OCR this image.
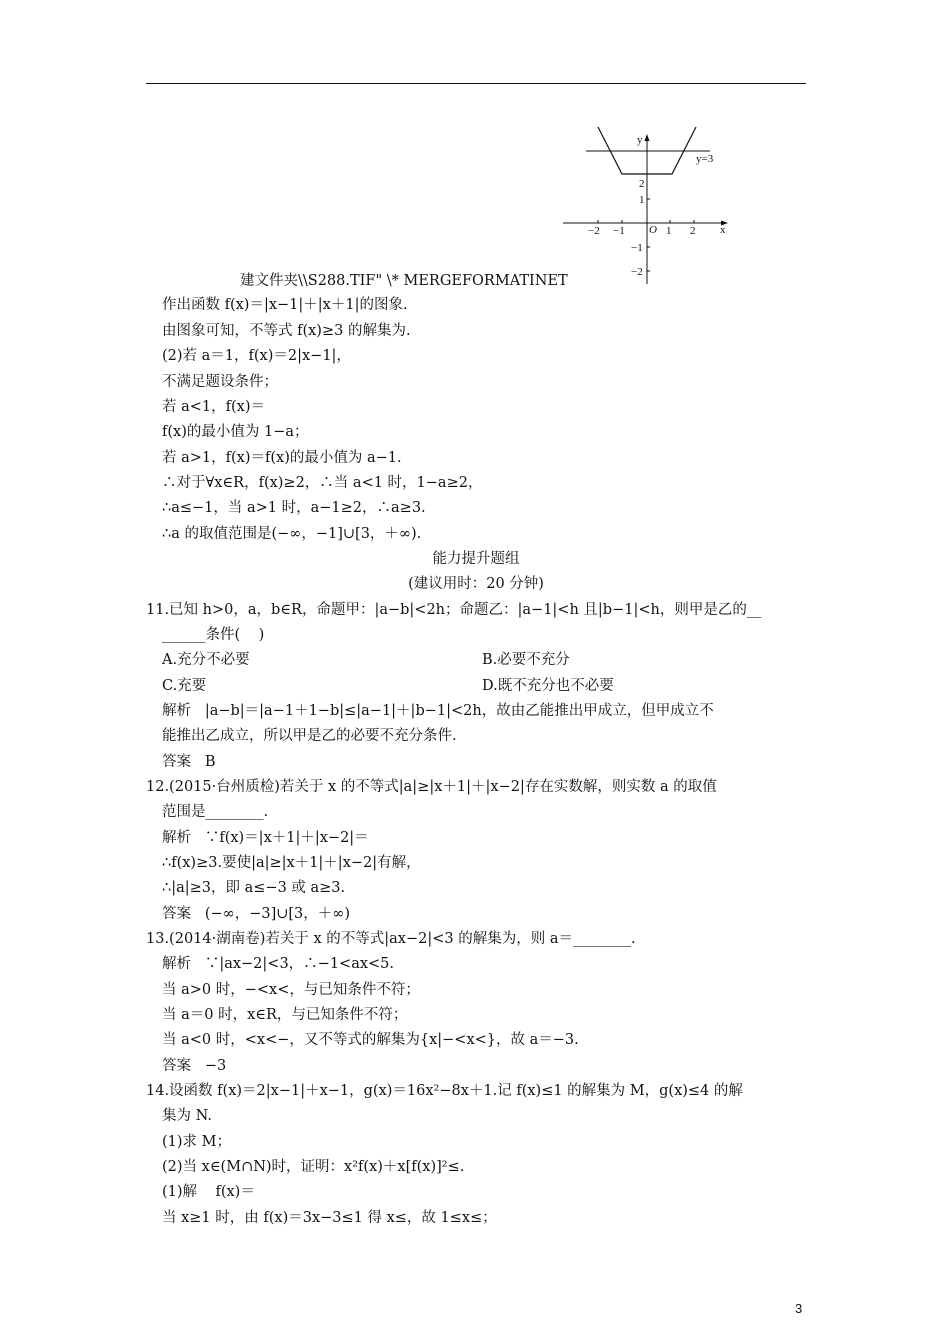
y
x
O
−2 −1	1 2
2
1
−1
−2
y=3
建文件夹\\S288.TIF" \* MERGEFORMATINET
作出函数 f(x)＝|x−1|＋|x＋1|的图象.
由图象可知，不等式 f(x)≥3 的解集为.
(2)若 a＝1，f(x)＝2|x−1|，
不满足题设条件；
若 a<1，f(x)＝
f(x)的最小值为 1−a；
若 a>1，f(x)＝f(x)的最小值为 a−1.
∴对于∀x∈R，f(x)≥2，∴当 a<1 时，1−a≥2，
∴a≤−1，当 a>1 时，a−1≥2，∴a≥3.
∴a 的取值范围是(−∞，−1]∪[3，＋∞).
能力提升题组
(建议用时：20 分钟)
11.已知 h>0，a，b∈R，命题甲：|a−b|<2h；命题乙：|a−1|<h 且|b−1|<h，则甲是乙的__
______条件(    )
A.充分不必要	B.必要不充分
C.充要	D.既不充分也不必要
解析   |a−b|＝|a−1＋1−b|≤|a−1|＋|b−1|<2h，故由乙能推出甲成立，但甲成立不
能推出乙成立，所以甲是乙的必要不充分条件.
答案   B
12.(2015·台州质检)若关于 x 的不等式|a|≥|x＋1|＋|x−2|存在实数解，则实数 a 的取值
范围是________.
解析   ∵f(x)＝|x＋1|＋|x−2|＝
∴f(x)≥3.要使|a|≥|x＋1|＋|x−2|有解，
∴|a|≥3，即 a≤−3 或 a≥3.
答案   (−∞，−3]∪[3，＋∞)
13.(2014·湖南卷)若关于 x 的不等式|ax−2|<3 的解集为，则 a＝________.
解析   ∵|ax−2|<3，∴−1<ax<5.
当 a>0 时，−<x<，与已知条件不符；
当 a＝0 时，x∈R，与已知条件不符；
当 a<0 时，<x<−，又不等式的解集为{x|−<x<}，故 a＝−3.
答案   −3
14.设函数 f(x)＝2|x−1|＋x−1，g(x)＝16x²−8x＋1.记 f(x)≤1 的解集为 M，g(x)≤4 的解
集为 N.
(1)求 M；
(2)当 x∈(M∩N)时，证明：x²f(x)＋x[f(x)]²≤.
(1)解    f(x)＝
当 x≥1 时，由 f(x)＝3x−3≤1 得 x≤，故 1≤x≤；
3
